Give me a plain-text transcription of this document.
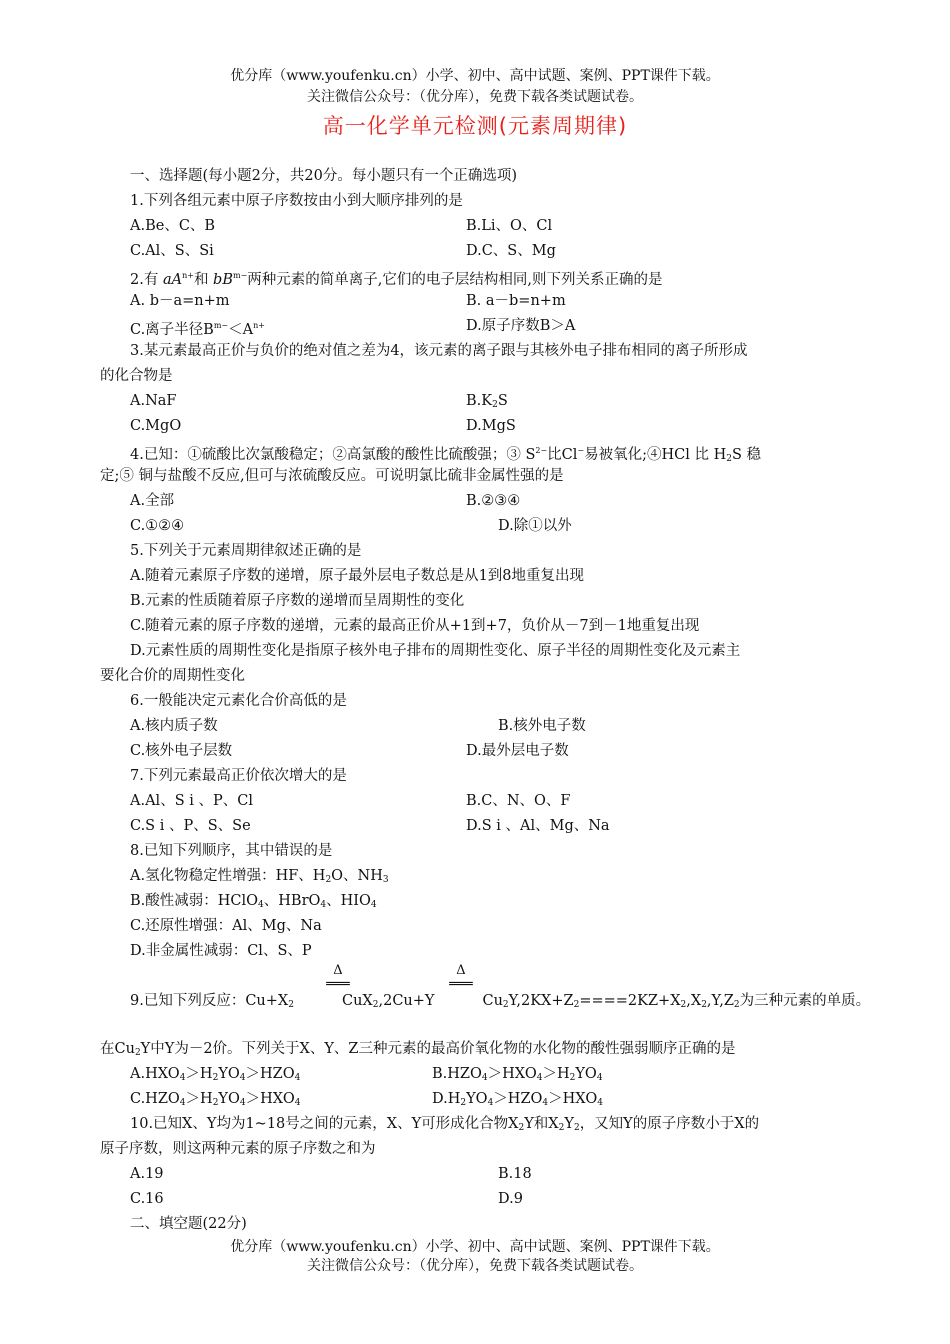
优分库（www.youfenku.cn）小学、初中、高中试题、案例、PPT课件下载。
关注微信公众号：（优分库），免费下载各类试题试卷。
高一化学单元检测(元素周期律)
一、选择题(每小题2分，共20分。每小题只有一个正确选项)
1.下列各组元素中原子序数按由小到大顺序排列的是
A.Be、C、B	B.Li、O、Cl
C.Al、S、Si	D.C、S、Mg
2.有 $aA^{n+}$和 $bB^{m-}$两种元素的简单离子,它们的电子层结构相同,则下列关系正确的是
A. b－a=n+m	B. a－b=n+m
C.离子半径$B^{m-}<A^{n+}$	D.原子序数B＞A
3.某元素最高正价与负价的绝对值之差为4，该元素的离子跟与其核外电子排布相同的离子所形成
的化合物是
A.NaF	$B.K_2S$
C.MgO	D.MgS
4.已知：①硫酸比次氯酸稳定；②高氯酸的酸性比硫酸强；③ $S^{2-}$比Cl−易被氧化;④HCl 比 $H_2S$ 稳
定;⑤ 铜与盐酸不反应,但可与浓硫酸反应。可说明氯比硫非金属性强的是
A.全部	B.②③④
C.①②④	D.除①以外
5.下列关于元素周期律叙述正确的是
A.随着元素原子序数的递增，原子最外层电子数总是从1到8地重复出现
B.元素的性质随着原子序数的递增而呈周期性的变化
C.随着元素的原子序数的递增，元素的最高正价从+1到+7，负价从－7到－1地重复出现
D.元素性质的周期性变化是指原子核外电子排布的周期性变化、原子半径的周期性变化及元素主
要化合价的周期性变化
6.一般能决定元素化合价高低的是
A.核内质子数	B.核外电子数
C.核外电子层数	D.最外层电子数
7.下列元素最高正价依次增大的是
A.Al、S i 、P、Cl	B.C、N、O、F
C.S i 、P、S、Se	D.S i 、Al、Mg、Na
8.已知下列顺序，其中错误的是
A.氢化物稳定性增强：HF、$H_2O$、$NH_3$
B.酸性减弱：HClO$_4$、HBrO$_4$、$HIO_4$
C.还原性增强：Al、Mg、Na
D.非金属性减弱：Cl、S、P
Δ
═══
Δ
═══
9.已知下列反应：$Cu+X_2$	CuX$_2$,2Cu+Y	$Cu_2Y,2KX+Z_2====2KZ+X_2,X_2,Y,Z_2$为三种元素的单质。
在$Cu_2Y$中Y为－2价。下列关于X、Y、Z三种元素的最高价氧化物的水化物的酸性强弱顺序正确的是
$A.HXO_4>H_2YO_4>HZO_4$	$B.HZO_4>HXO_4>H_2YO_4$
$C.HZO_4>H_2YO_4>HXO_4$	$D.H_2YO_4>HZO_4>HXO_4$
10.已知X、Y均为1~18号之间的元素，X、Y可形成化合物$X_2Y$和$X_2Y_2$，又知Y的原子序数小于X的
原子序数，则这两种元素的原子序数之和为
A.19	B.18
C.16	D.9
二、填空题(22分)
优分库（www.youfenku.cn）小学、初中、高中试题、案例、PPT课件下载。
关注微信公众号：（优分库），免费下载各类试题试卷。
